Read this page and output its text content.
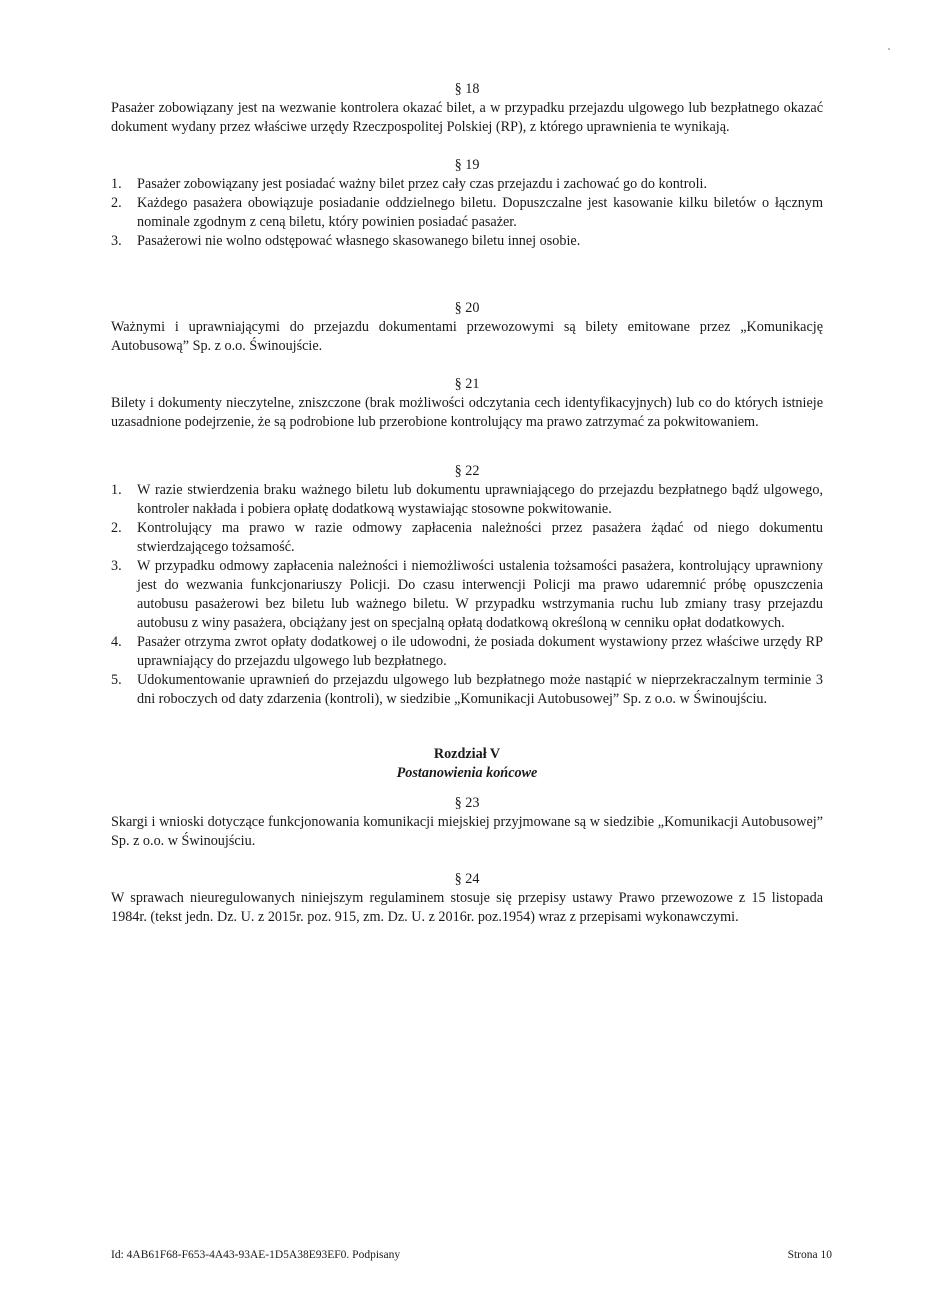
§ 18

Pasażer zobowiązany jest na wezwanie kontrolera okazać bilet, a w przypadku przejazdu ulgowego lub bezpłatnego okazać dokument wydany przez właściwe urzędy Rzeczpospolitej Polskiej (RP), z którego uprawnienia te wynikają.

§ 19

1. Pasażer zobowiązany jest posiadać ważny bilet przez cały czas przejazdu i zachować go do kontroli.
2. Każdego pasażera obowiązuje posiadanie oddzielnego biletu. Dopuszczalne jest kasowanie kilku biletów o łącznym nominale zgodnym z ceną biletu, który powinien posiadać pasażer.
3. Pasażerowi nie wolno odstępować własnego skasowanego biletu innej osobie.

§ 20

Ważnymi i uprawniającymi do przejazdu dokumentami przewozowymi są bilety emitowane przez „Komunikację Autobusową” Sp. z o.o. Świnoujście.

§ 21

Bilety i dokumenty nieczytelne, zniszczone (brak możliwości odczytania cech identyfikacyjnych) lub co do których istnieje uzasadnione podejrzenie, że są podrobione lub przerobione kontrolujący ma prawo zatrzymać za pokwitowaniem.

§ 22

1. W razie stwierdzenia braku ważnego biletu lub dokumentu uprawniającego do przejazdu bezpłatnego bądź ulgowego, kontroler nakłada i pobiera opłatę dodatkową wystawiając stosowne pokwitowanie.
2. Kontrolujący ma prawo w razie odmowy zapłacenia należności przez pasażera żądać od niego dokumentu stwierdzającego tożsamość.
3. W przypadku odmowy zapłacenia należności i niemożliwości ustalenia tożsamości pasażera, kontrolujący uprawniony jest do wezwania funkcjonariuszy Policji. Do czasu interwencji Policji ma prawo udaremnić próbę opuszczenia autobusu pasażerowi bez biletu lub ważnego biletu. W przypadku wstrzymania ruchu lub zmiany trasy przejazdu autobusu z winy pasażera, obciążany jest on specjalną opłatą dodatkową określoną w cenniku opłat dodatkowych.
4. Pasażer otrzyma zwrot opłaty dodatkowej o ile udowodni, że posiada dokument wystawiony przez właściwe urzędy RP uprawniający do przejazdu ulgowego lub bezpłatnego.
5. Udokumentowanie uprawnień do przejazdu ulgowego lub bezpłatnego może nastąpić w nieprzekraczalnym terminie 3 dni roboczych od daty zdarzenia (kontroli), w siedzibie „Komunikacji Autobusowej” Sp. z o.o. w Świnoujściu.

Rozdział V

Postanowienia końcowe

§ 23

Skargi i wnioski dotyczące funkcjonowania komunikacji miejskiej przyjmowane są w siedzibie „Komunikacji Autobusowej” Sp. z o.o. w Świnoujściu.

§ 24

W sprawach nieuregulowanych niniejszym regulaminem stosuje się przepisy ustawy Prawo przewozowe z 15 listopada 1984r. (tekst jedn. Dz. U. z 2015r. poz. 915, zm. Dz. U. z 2016r. poz.1954) wraz z przepisami wykonawczymi.

Id: 4AB61F68-F653-4A43-93AE-1D5A38E93EF0. Podpisany	Strona 10
